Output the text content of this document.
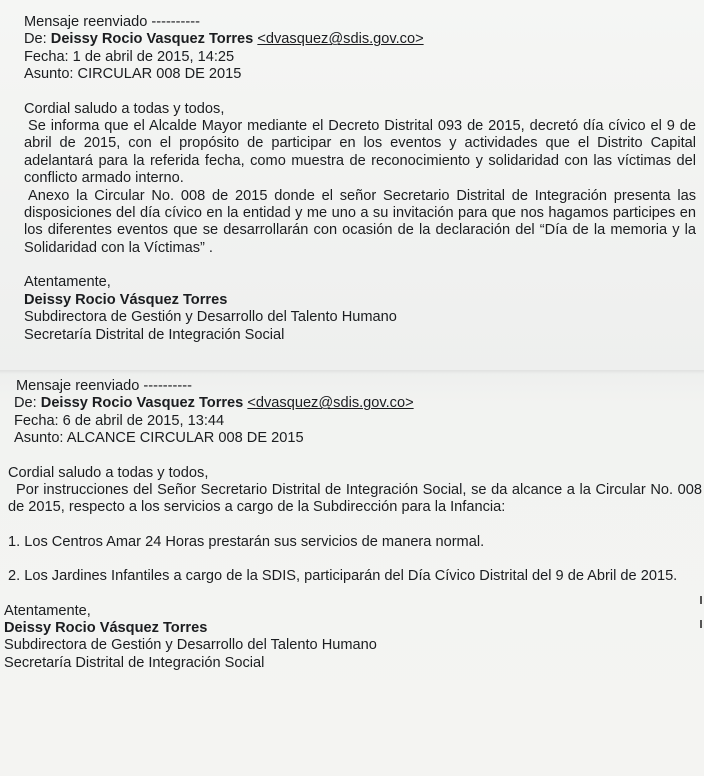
Mensaje reenviado ----------
De: Deissy Rocio Vasquez Torres <dvasquez@sdis.gov.co>
Fecha: 1 de abril de 2015, 14:25
Asunto: CIRCULAR 008 DE 2015
Cordial saludo a todas y todos,
Se informa que el Alcalde Mayor mediante el Decreto Distrital 093 de 2015, decretó día cívico el 9 de abril de 2015, con el propósito de participar en los eventos y actividades que el Distrito Capital adelantará para la referida fecha, como muestra de reconocimiento y solidaridad con las víctimas del conflicto armado interno.
Anexo la Circular No. 008 de 2015 donde el señor Secretario Distrital de Integración presenta las disposiciones del día cívico en la entidad y me uno a su invitación para que nos hagamos participes en los diferentes eventos que se desarrollarán con ocasión de la declaración del “Día de la memoria y la Solidaridad con la Víctimas” .
Atentamente,
Deissy Rocio Vásquez Torres
Subdirectora de Gestión y Desarrollo del Talento Humano
Secretaría Distrital de Integración Social
Mensaje reenviado ----------
De: Deissy Rocio Vasquez Torres <dvasquez@sdis.gov.co>
Fecha: 6 de abril de 2015, 13:44
Asunto: ALCANCE CIRCULAR 008 DE 2015
Cordial saludo a todas y todos,
Por instrucciones del Señor Secretario Distrital de Integración Social, se da alcance a la Circular No. 008 de 2015, respecto a los servicios a cargo de la Subdirección para la Infancia:
1. Los Centros Amar 24 Horas prestarán sus servicios de manera normal.
2. Los Jardines Infantiles a cargo de la SDIS, participarán del Día Cívico Distrital del 9 de Abril de 2015.
Atentamente,
Deissy Rocio Vásquez Torres
Subdirectora de Gestión y Desarrollo del Talento Humano
Secretaría Distrital de Integración Social
